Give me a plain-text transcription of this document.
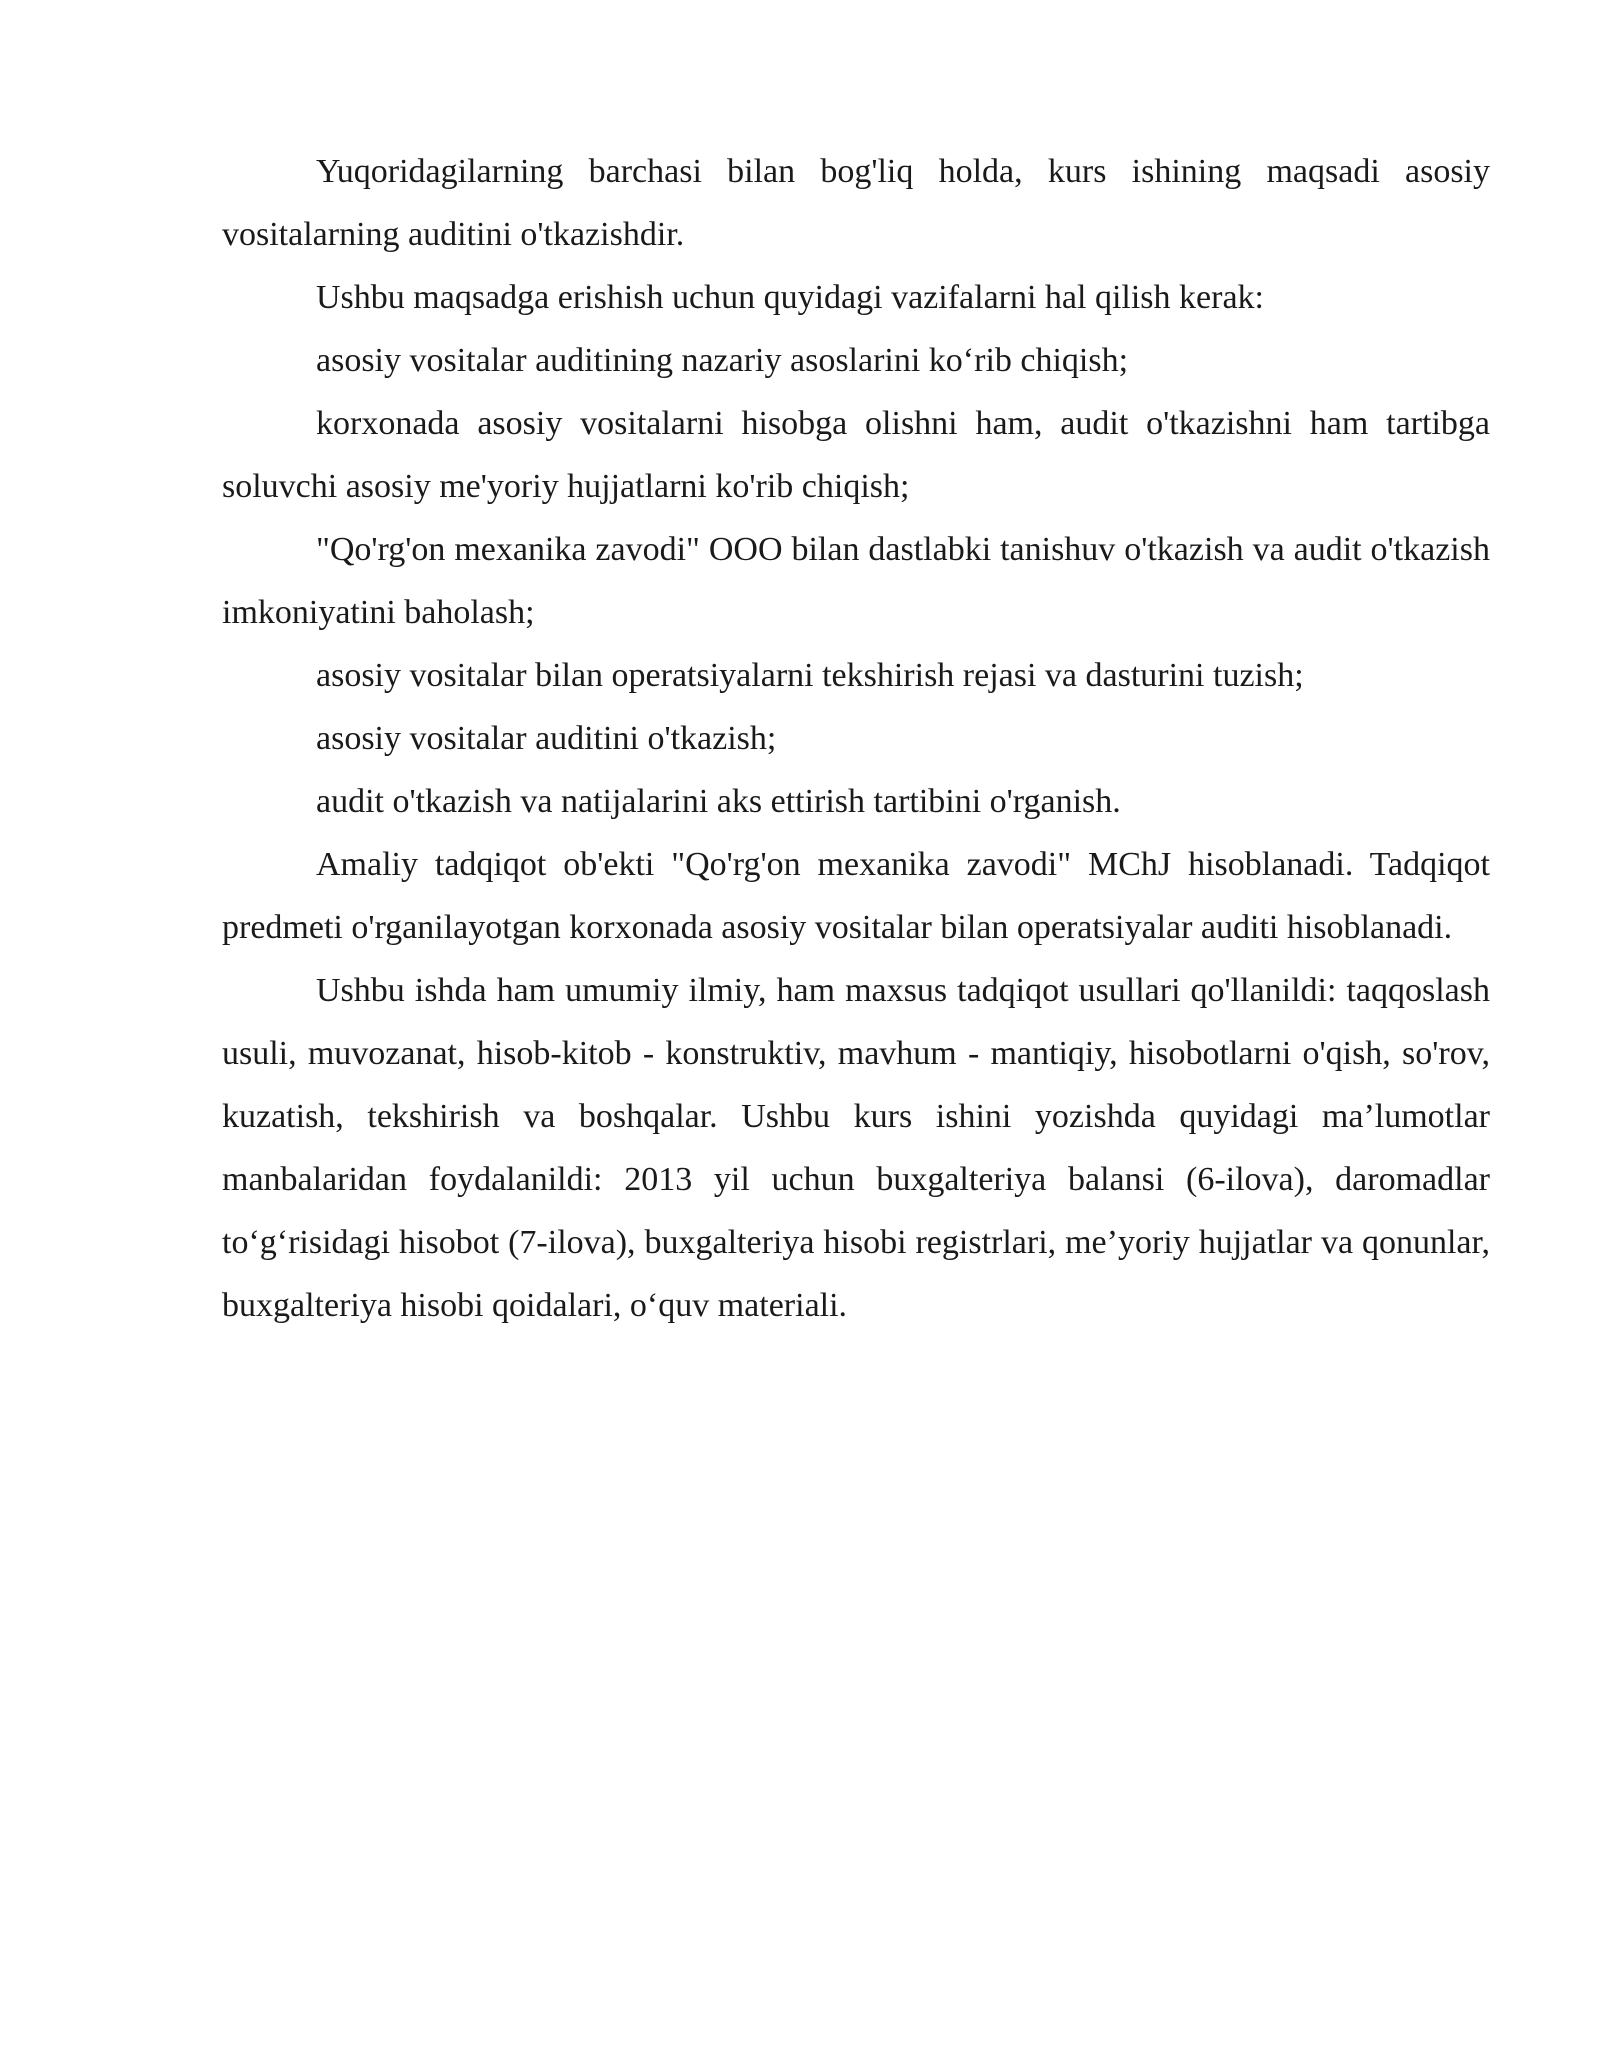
Yuqoridagilarning barchasi bilan bog'liq holda, kurs ishining maqsadi asosiy vositalarning auditini o'tkazishdir.

Ushbu maqsadga erishish uchun quyidagi vazifalarni hal qilish kerak:

asosiy vositalar auditining nazariy asoslarini ko‘rib chiqish;

korxonada asosiy vositalarni hisobga olishni ham, audit o'tkazishni ham tartibga soluvchi asosiy me'yoriy hujjatlarni ko'rib chiqish;

"Qo'rg'on mexanika zavodi" OOO bilan dastlabki tanishuv o'tkazish va audit o'tkazish imkoniyatini baholash;

asosiy vositalar bilan operatsiyalarni tekshirish rejasi va dasturini tuzish;

asosiy vositalar auditini o'tkazish;

audit o'tkazish va natijalarini aks ettirish tartibini o'rganish.

Amaliy tadqiqot ob'ekti "Qo'rg'on mexanika zavodi" MChJ hisoblanadi. Tadqiqot predmeti o'rganilayotgan korxonada asosiy vositalar bilan operatsiyalar auditi hisoblanadi.

Ushbu ishda ham umumiy ilmiy, ham maxsus tadqiqot usullari qo'llanildi: taqqoslash usuli, muvozanat, hisob-kitob - konstruktiv, mavhum - mantiqiy, hisobotlarni o'qish, so'rov, kuzatish, tekshirish va boshqalar. Ushbu kurs ishini yozishda quyidagi ma’lumotlar manbalaridan foydalanildi: 2013 yil uchun buxgalteriya balansi (6-ilova), daromadlar to‘g‘risidagi hisobot (7-ilova), buxgalteriya hisobi registrlari, me’yoriy hujjatlar va qonunlar, buxgalteriya hisobi qoidalari, o‘quv materiali.
